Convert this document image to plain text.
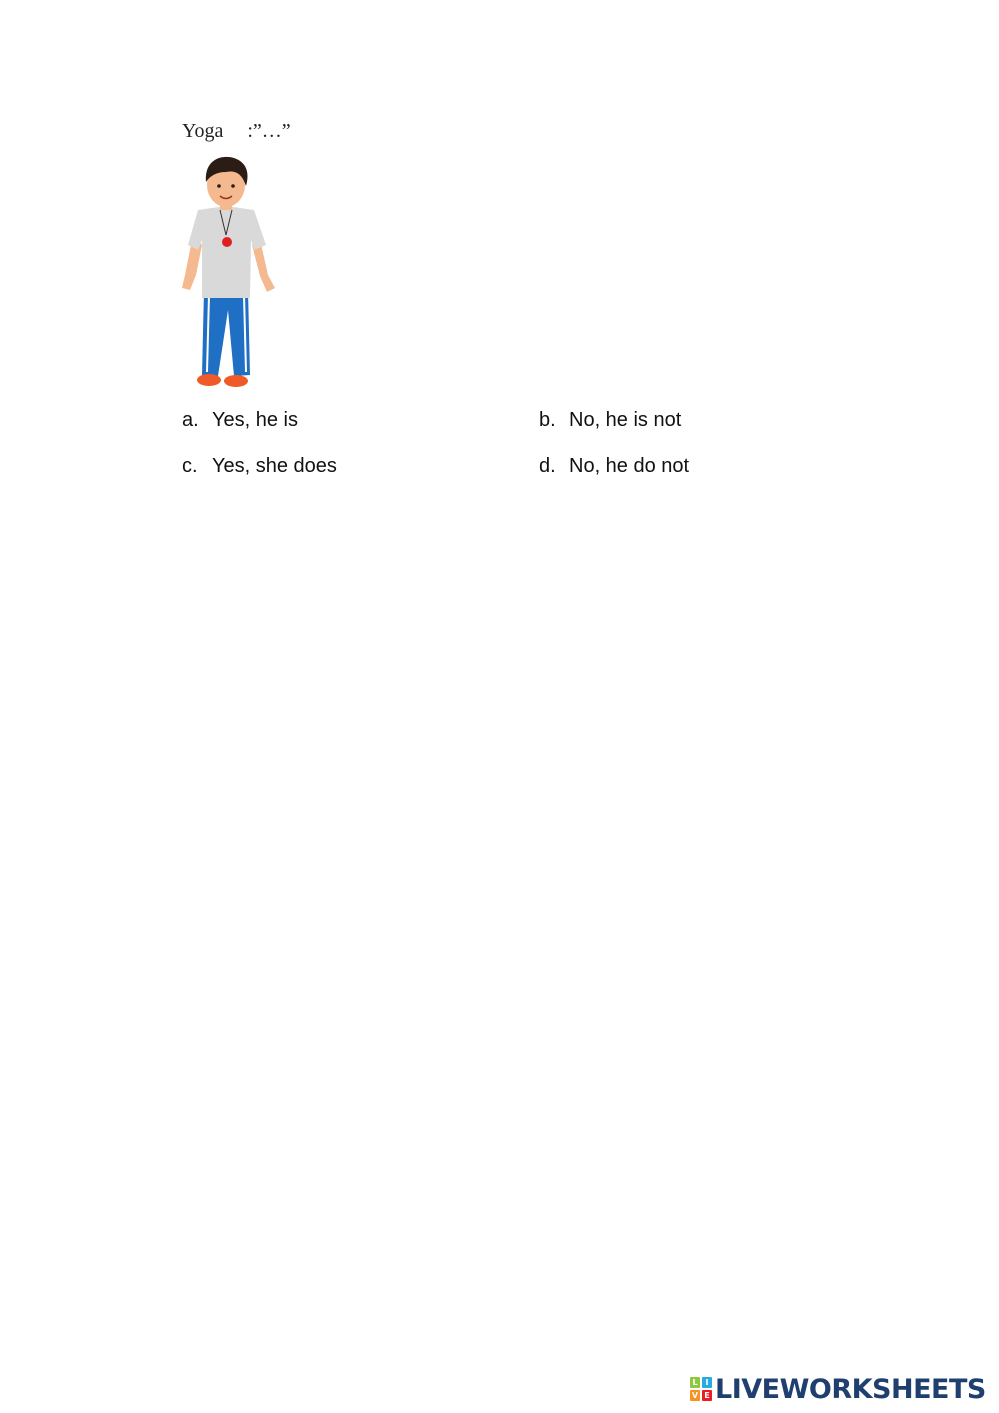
Yoga :”…”
a. Yes, he is	b. No, he is not
c. Yes, she does	d. No, he do not
L I
V E LIVEWORKSHEETS
